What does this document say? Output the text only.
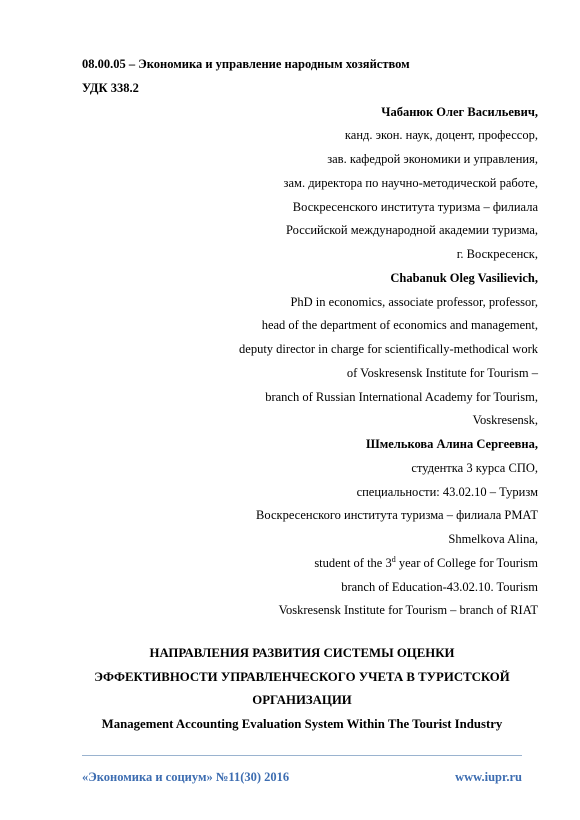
08.00.05 – Экономика и управление народным хозяйством
УДК 338.2
Чабанюк Олег Васильевич,
канд. экон. наук, доцент, профессор,
зав. кафедрой экономики и управления,
зам. директора по научно-методической работе,
Воскресенского института туризма – филиала
Российской международной академии туризма,
г. Воскресенск,
Chabanuk Oleg Vasilievich,
PhD in economics, associate professor, professor,
head of the department of economics and management,
deputy director in charge for scientifically-methodical work
of Voskresensk Institute for Tourism –
branch of Russian International Academy for Tourism,
Voskresensk,
Шмелькова Алина Сергеевна,
студентка 3 курса СПО,
специальности: 43.02.10 – Туризм
Воскресенского института туризма – филиала РМАТ
Shmelkova Alina,
student of the 3$^d$ year of College for Tourism
branch of Education-43.02.10. Tourism
Voskresensk Institute for Tourism – branch of RIAT
НАПРАВЛЕНИЯ РАЗВИТИЯ СИСТЕМЫ ОЦЕНКИ
ЭФФЕКТИВНОСТИ УПРАВЛЕНЧЕСКОГО УЧЕТА В ТУРИСТСКОЙ
ОРГАНИЗАЦИИ
Management Accounting Evaluation System Within The Tourist Industry
«Экономика и социум» №11(30) 2016	www.iupr.ru
